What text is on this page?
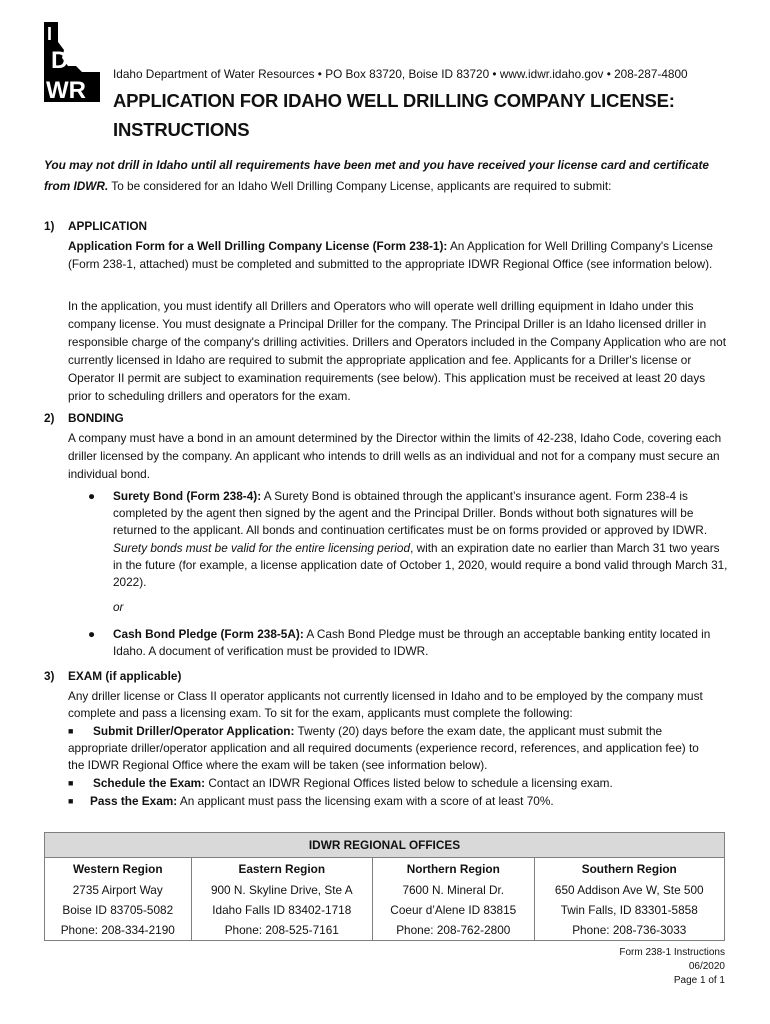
I
D
WR
Idaho Department of Water Resources • PO Box 83720, Boise ID 83720 • www.idwr.idaho.gov • 208-287-4800
APPLICATION FOR IDAHO WELL DRILLING COMPANY LICENSE:
INSTRUCTIONS
You may not drill in Idaho until all requirements have been met and you have received your license card and certificate from IDWR. To be considered for an Idaho Well Drilling Company License, applicants are required to submit:
1) APPLICATION
Application Form for a Well Drilling Company License (Form 238-1): An Application for Well Drilling Company's License (Form 238-1, attached) must be completed and submitted to the appropriate IDWR Regional Office (see information below).
In the application, you must identify all Drillers and Operators who will operate well drilling equipment in Idaho under this company license. You must designate a Principal Driller for the company. The Principal Driller is an Idaho licensed driller in responsible charge of the company's drilling activities. Drillers and Operators included in the Company Application who are not currently licensed in Idaho are required to submit the appropriate application and fee. Applicants for a Driller's license or Operator II permit are subject to examination requirements (see below). This application must be received at least 20 days prior to scheduling drillers and operators for the exam.
2) BONDING
A company must have a bond in an amount determined by the Director within the limits of 42-238, Idaho Code, covering each driller licensed by the company. An applicant who intends to drill wells as an individual and not for a company must secure an individual bond.
● Surety Bond (Form 238-4): A Surety Bond is obtained through the applicant’s insurance agent. Form 238-4 is completed by the agent then signed by the agent and the Principal Driller. Bonds without both signatures will be returned to the applicant. All bonds and continuation certificates must be on forms provided or approved by IDWR. Surety bonds must be valid for the entire licensing period, with an expiration date no earlier than March 31 two years in the future (for example, a license application date of October 1, 2020, would require a bond valid through March 31, 2022).
or
● Cash Bond Pledge (Form 238-5A): A Cash Bond Pledge must be through an acceptable banking entity located in Idaho. A document of verification must be provided to IDWR.
3) EXAM (if applicable)
Any driller license or Class II operator applicants not currently licensed in Idaho and to be employed by the company must complete and pass a licensing exam. To sit for the exam, applicants must complete the following:
■	Submit Driller/Operator Application: Twenty (20) days before the exam date, the applicant must submit the appropriate driller/operator application and all required documents (experience record, references, and application fee) to the IDWR Regional Office where the exam will be taken (see information below).
■ Schedule the Exam: Contact an IDWR Regional Offices listed below to schedule a licensing exam.
■ Pass the Exam: An applicant must pass the licensing exam with a score of at least 70%.
IDWR REGIONAL OFFICES			
Western Region	Eastern Region	Northern Region	Southern Region
2735 Airport Way	900 N. Skyline Drive, Ste A	7600 N. Mineral Dr.	650 Addison Ave W, Ste 500
Boise ID 83705-5082	Idaho Falls ID 83402-1718	Coeur d’Alene ID 83815	Twin Falls, ID 83301-5858
Phone: 208-334-2190	Phone: 208-525-7161	Phone: 208-762-2800	Phone: 208-736-3033
Form 238-1 Instructions
06/2020
Page 1 of 1
